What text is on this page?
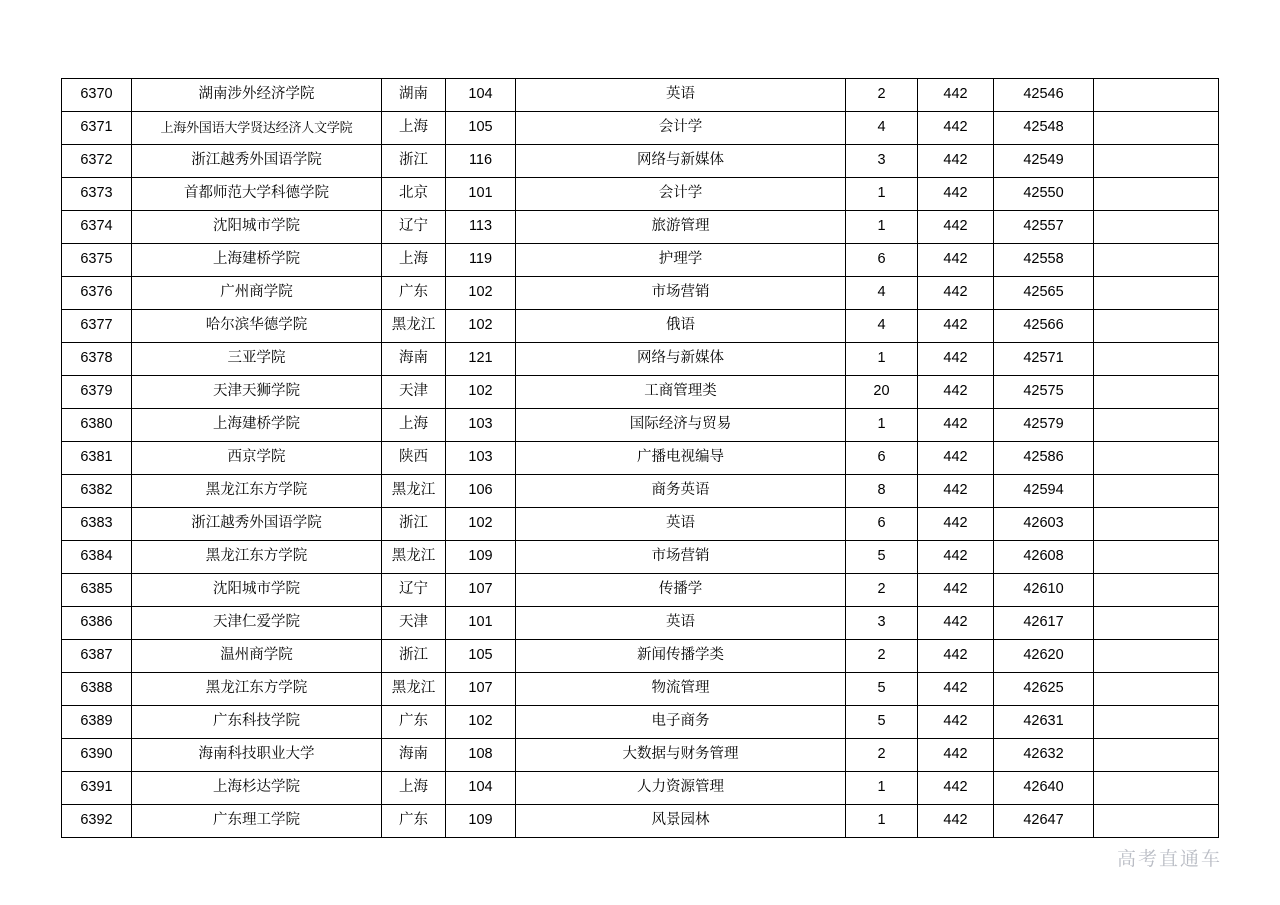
6370	湖南涉外经济学院	湖南	104	英语	2	442	42546	
6371	上海外国语大学贤达经济人文学院	上海	105	会计学	4	442	42548	
6372	浙江越秀外国语学院	浙江	116	网络与新媒体	3	442	42549	
6373	首都师范大学科德学院	北京	101	会计学	1	442	42550	
6374	沈阳城市学院	辽宁	113	旅游管理	1	442	42557	
6375	上海建桥学院	上海	119	护理学	6	442	42558	
6376	广州商学院	广东	102	市场营销	4	442	42565	
6377	哈尔滨华德学院	黑龙江	102	俄语	4	442	42566	
6378	三亚学院	海南	121	网络与新媒体	1	442	42571	
6379	天津天狮学院	天津	102	工商管理类	20	442	42575	
6380	上海建桥学院	上海	103	国际经济与贸易	1	442	42579	
6381	西京学院	陕西	103	广播电视编导	6	442	42586	
6382	黑龙江东方学院	黑龙江	106	商务英语	8	442	42594	
6383	浙江越秀外国语学院	浙江	102	英语	6	442	42603	
6384	黑龙江东方学院	黑龙江	109	市场营销	5	442	42608	
6385	沈阳城市学院	辽宁	107	传播学	2	442	42610	
6386	天津仁爱学院	天津	101	英语	3	442	42617	
6387	温州商学院	浙江	105	新闻传播学类	2	442	42620	
6388	黑龙江东方学院	黑龙江	107	物流管理	5	442	42625	
6389	广东科技学院	广东	102	电子商务	5	442	42631	
6390	海南科技职业大学	海南	108	大数据与财务管理	2	442	42632	
6391	上海杉达学院	上海	104	人力资源管理	1	442	42640	
6392	广东理工学院	广东	109	风景园林	1	442	42647	
高考直通车
